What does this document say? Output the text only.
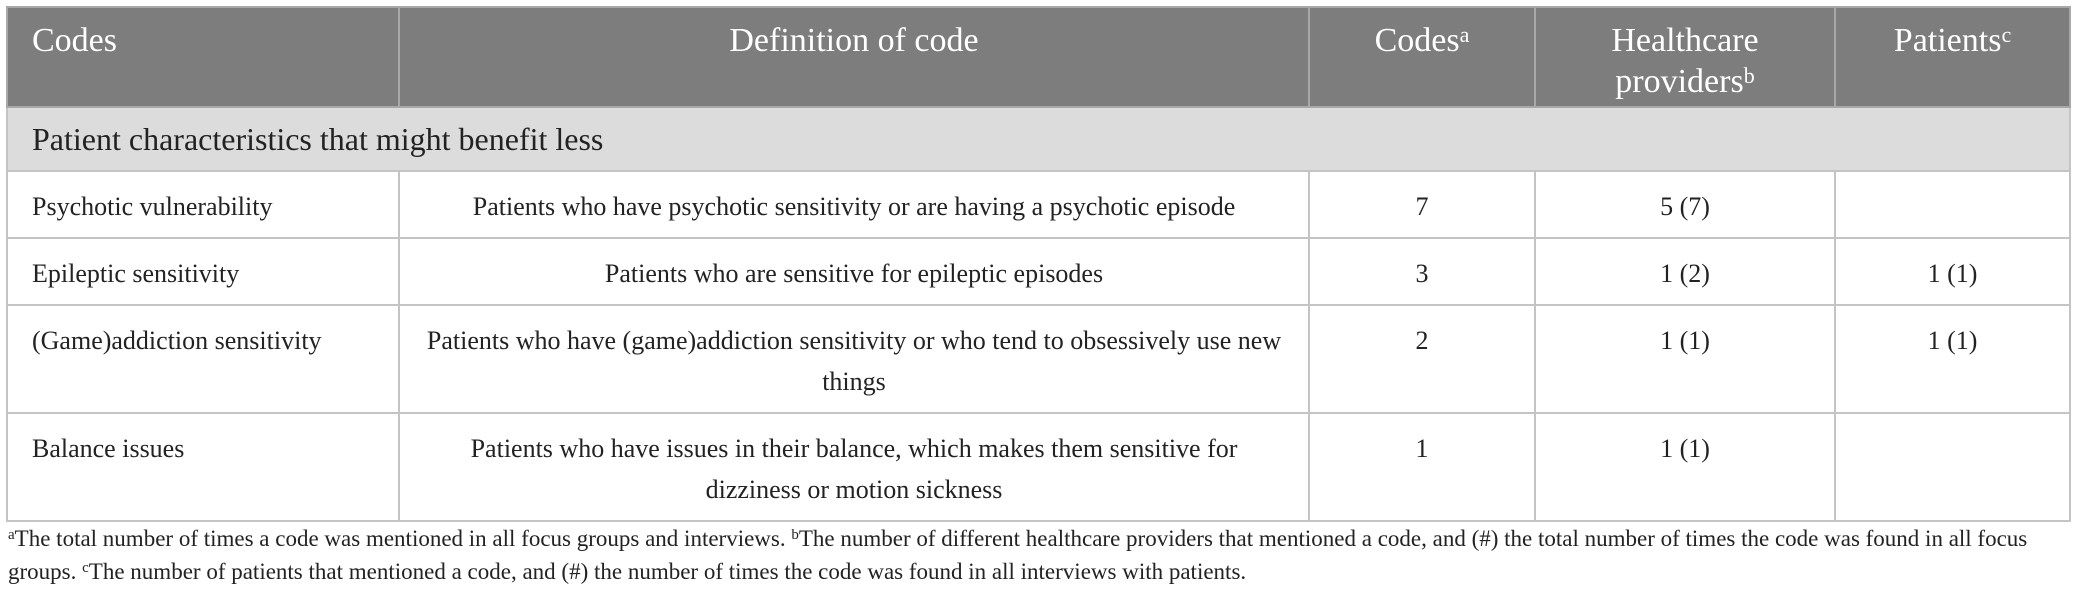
Codes	Definition of code	Codes$^a$	Healthcare providers$^b$	Patients$^c$
Patient characteristics that might benefit less				
Psychotic vulnerability	Patients who have psychotic sensitivity or are having a psychotic episode	7	5 (7)	
Epileptic sensitivity	Patients who are sensitive for epileptic episodes	3	1 (2)	1 (1)
(Game)addiction sensitivity	Patients who have (game)addiction sensitivity or who tend to obsessively use new things	2	1 (1)	1 (1)
Balance issues	Patients who have issues in their balance, which makes them sensitive for dizziness or motion sickness	1	1 (1)	
$^a$The total number of times a code was mentioned in all focus groups and interviews. $^b$The number of different healthcare providers that mentioned a code, and (#) the total number of times the code was found in all focus groups. $^c$The number of patients that mentioned a code, and (#) the number of times the code was found in all interviews with patients.
